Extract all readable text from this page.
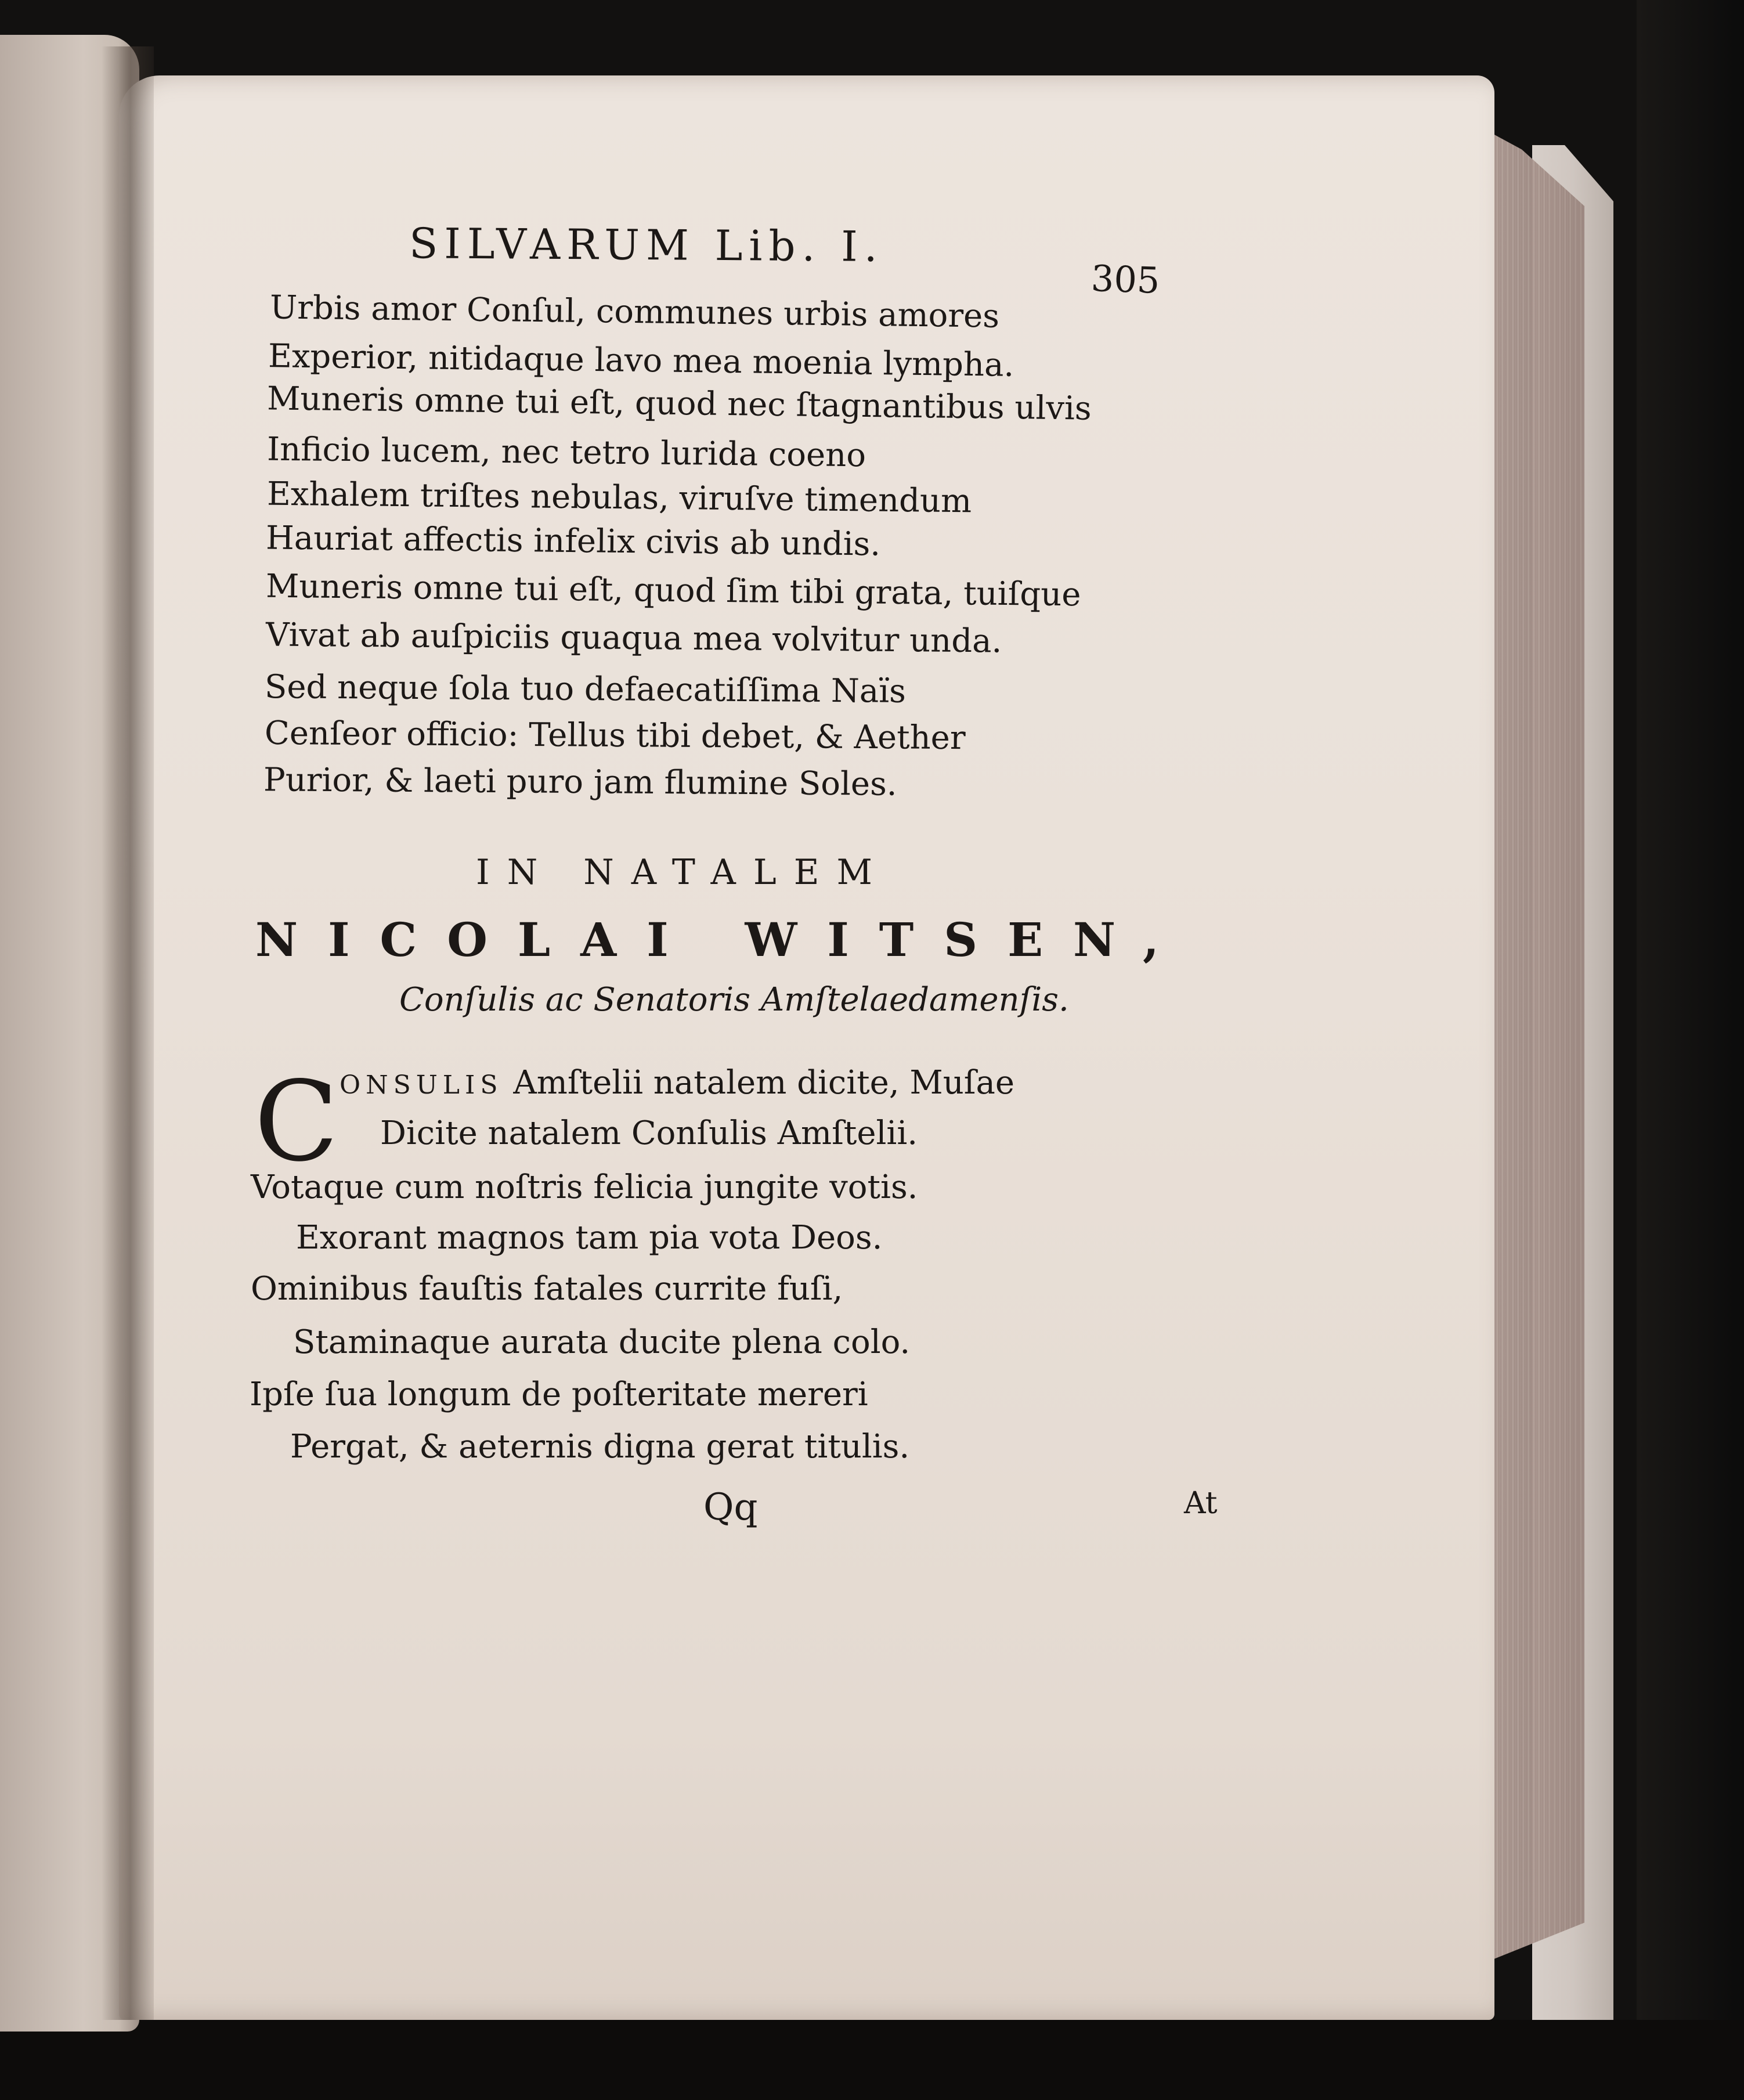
SILVARUM Lib. I.

305

Urbis amor Conſul, communes urbis amores

Experior, nitidaque lavo mea moenia lympha.

Muneris omne tui eſt, quod nec ſtagnantibus ulvis

Inficio lucem, nec tetro lurida coeno

Exhalem triſtes nebulas, viruſve timendum

Hauriat affectis infelix civis ab undis.

Muneris omne tui eſt, quod ſim tibi grata, tuiſque

Vivat ab auſpiciis quaqua mea volvitur unda.

Sed neque ſola tuo defaecatiſſima Naïs

Cenſeor officio: Tellus tibi debet, & Aether

Purior, & laeti puro jam flumine Soles.

IN NATALEM

NICOLAI WITSEN,

Conſulis ac Senatoris Amſtelaedamenſis.

C ONSULIS Amſtelii natalem dicite, Muſae

Dicite natalem Conſulis Amſtelii.

Votaque cum noſtris felicia jungite votis.

Exorant magnos tam pia vota Deos.

Ominibus fauſtis fatales currite fuſi,

Staminaque aurata ducite plena colo.

Ipſe ſua longum de poſteritate mereri

Pergat, & aeternis digna gerat titulis.

Qq	At
